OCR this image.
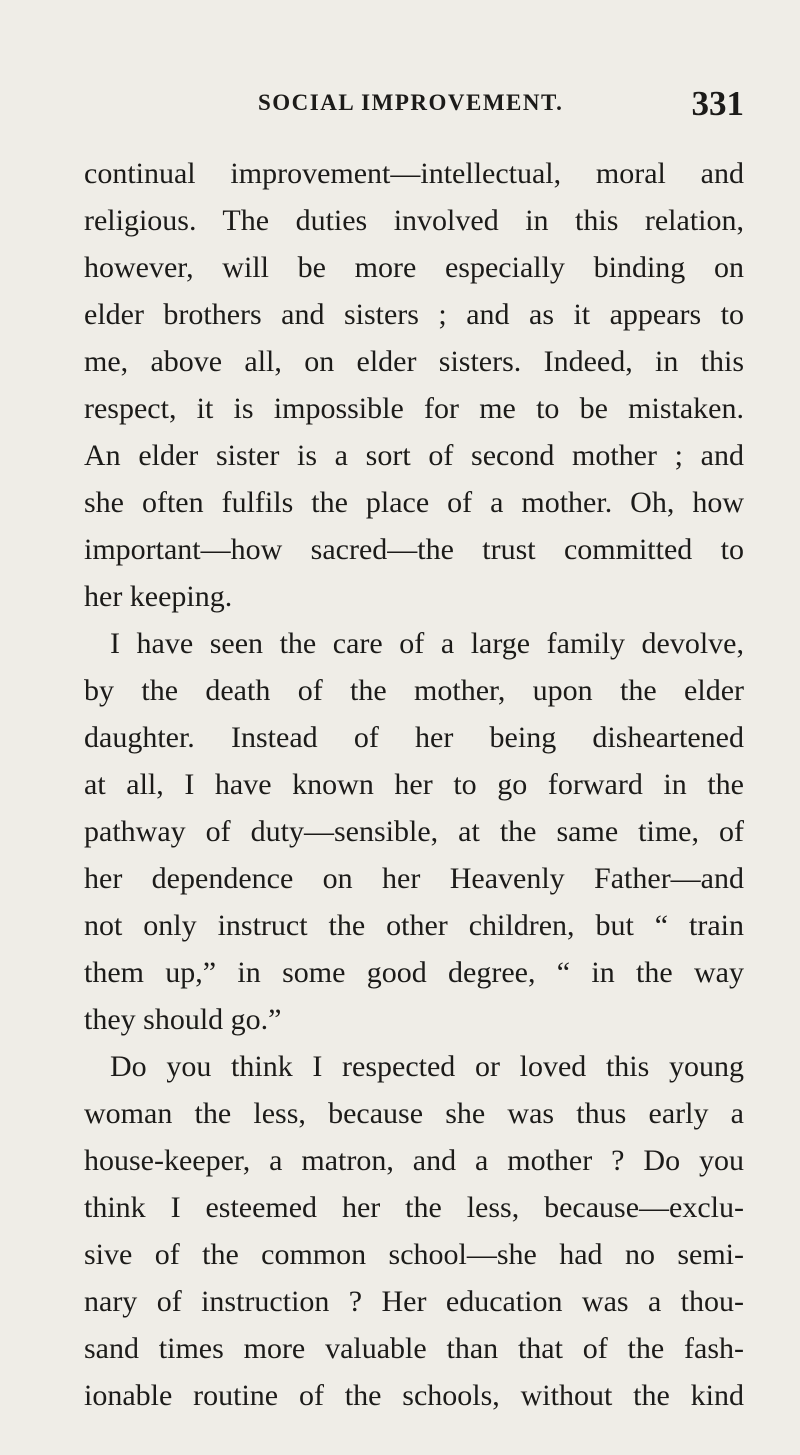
SOCIAL IMPROVEMENT.	331
continual improvement—intellectual, moral and
religious. The duties involved in this relation,
however, will be more especially binding on
elder brothers and sisters ; and as it appears to
me, above all, on elder sisters. Indeed, in this
respect, it is impossible for me to be mistaken.
An elder sister is a sort of second mother ; and
she often fulfils the place of a mother. Oh, how
important—how sacred—the trust committed to
her keeping.
I have seen the care of a large family devolve,
by the death of the mother, upon the elder
daughter. Instead of her being disheartened
at all, I have known her to go forward in the
pathway of duty—sensible, at the same time, of
her dependence on her Heavenly Father—and
not only instruct the other children, but “ train
them up,” in some good degree, “ in the way
they should go.”
Do you think I respected or loved this young
woman the less, because she was thus early a
house-keeper, a matron, and a mother ? Do you
think I esteemed her the less, because—exclu-
sive of the common school—she had no semi-
nary of instruction ? Her education was a thou-
sand times more valuable than that of the fash-
ionable routine of the schools, without the kind
